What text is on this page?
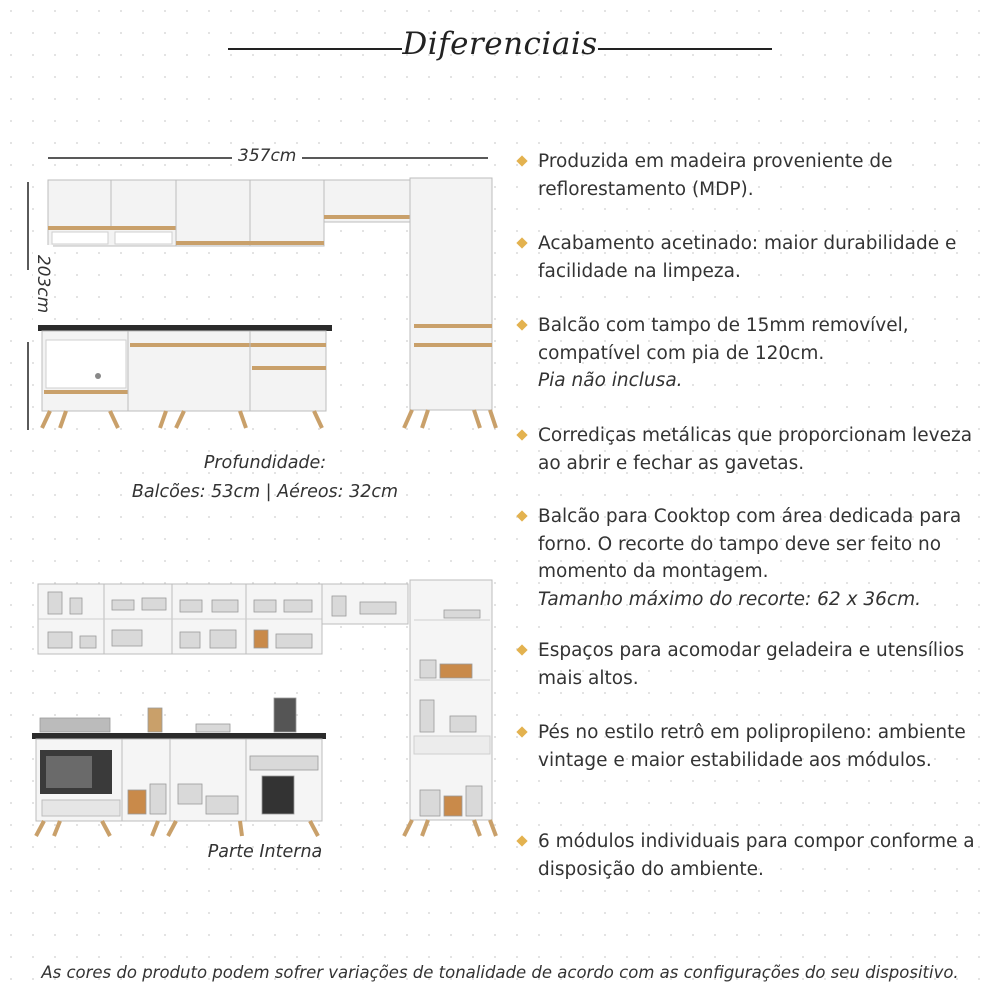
Diferenciais
357cm
203cm
Profundidade:
Balcões: 53cm | Aéreos: 32cm
Parte Interna
Produzida em madeira proveniente de reflorestamento (MDP).
Acabamento acetinado: maior durabilidade e facilidade na limpeza.
Balcão com tampo de 15mm removível, compatível com pia de 120cm.
Pia não inclusa.
Corrediças metálicas que proporcionam leveza ao abrir e fechar as gavetas.
Balcão para Cooktop com área dedicada para forno. O recorte do tampo deve ser feito no momento da montagem.
Tamanho máximo do recorte: 62 x 36cm.
Espaços para acomodar geladeira e utensílios mais altos.
Pés no estilo retrô em polipropileno: ambiente vintage e maior estabilidade aos módulos.
6 módulos individuais para compor conforme a disposição do ambiente.
As cores do produto podem sofrer variações de tonalidade de acordo com as configurações do seu dispositivo.
